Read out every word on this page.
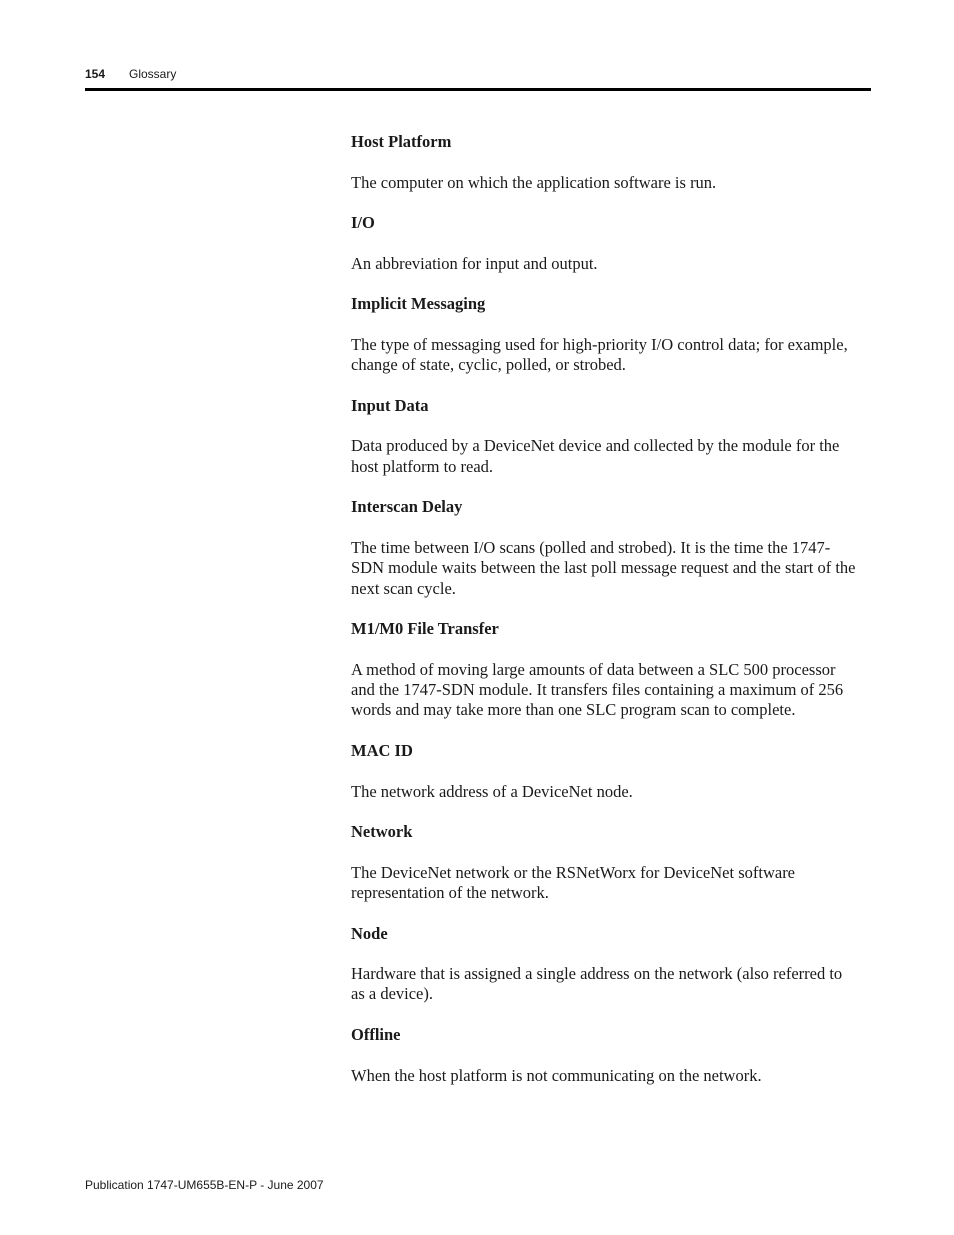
154 Glossary

Host Platform

The computer on which the application software is run.

I/O

An abbreviation for input and output.

Implicit Messaging

The type of messaging used for high-priority I/O control data; for example, change of state, cyclic, polled, or strobed.

Input Data

Data produced by a DeviceNet device and collected by the module for the host platform to read.

Interscan Delay

The time between I/O scans (polled and strobed). It is the time the 1747-SDN module waits between the last poll message request and the start of the next scan cycle.

M1/M0 File Transfer

A method of moving large amounts of data between a SLC 500 processor and the 1747-SDN module. It transfers files containing a maximum of 256 words and may take more than one SLC program scan to complete.

MAC ID

The network address of a DeviceNet node.

Network

The DeviceNet network or the RSNetWorx for DeviceNet software representation of the network.

Node

Hardware that is assigned a single address on the network (also referred to as a device).

Offline

When the host platform is not communicating on the network.

Publication 1747-UM655B-EN-P - June 2007
